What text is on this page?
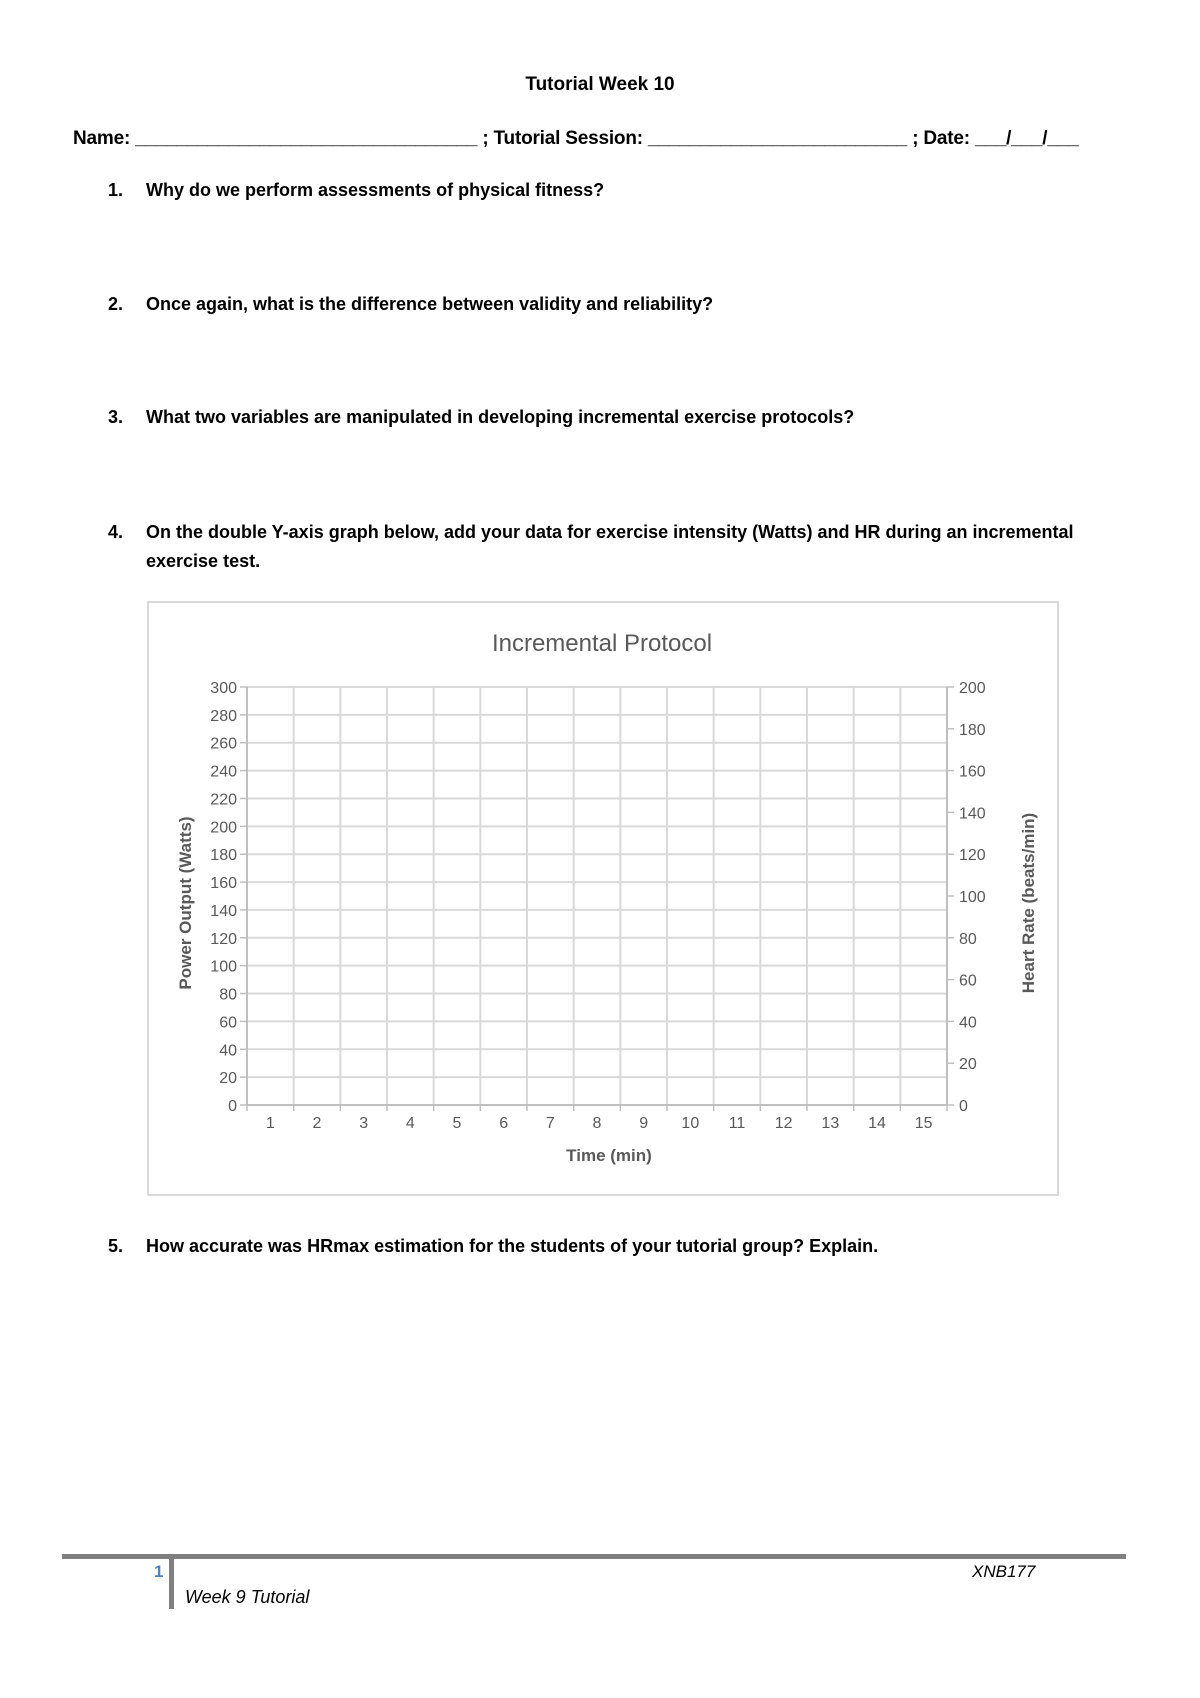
Tutorial Week 10
Name: _________________________________ ; Tutorial Session: _________________________ ; Date: ___/___/___
1.	Why do we perform assessments of physical fitness?
2.	Once again, what is the difference between validity and reliability?
3.	What two variables are manipulated in developing incremental exercise protocols?
4.	On the double Y-axis graph below, add your data for exercise intensity (Watts) and HR during an incremental exercise test.
Incremental Protocol
0
20
40
60
80
100
120
140
160
180
200
220
240
260
280
300
1 2 3 4 5 6 7 8 9 10 11 12 13 14 15
0
20
40
60
80
100
120
140
160
180
200
Time (min)
Power Output (Watts)	Heart Rate (beats/min)
5.	How accurate was HRmax estimation for the students of your tutorial group? Explain.
1
Week 9 Tutorial
XNB177
